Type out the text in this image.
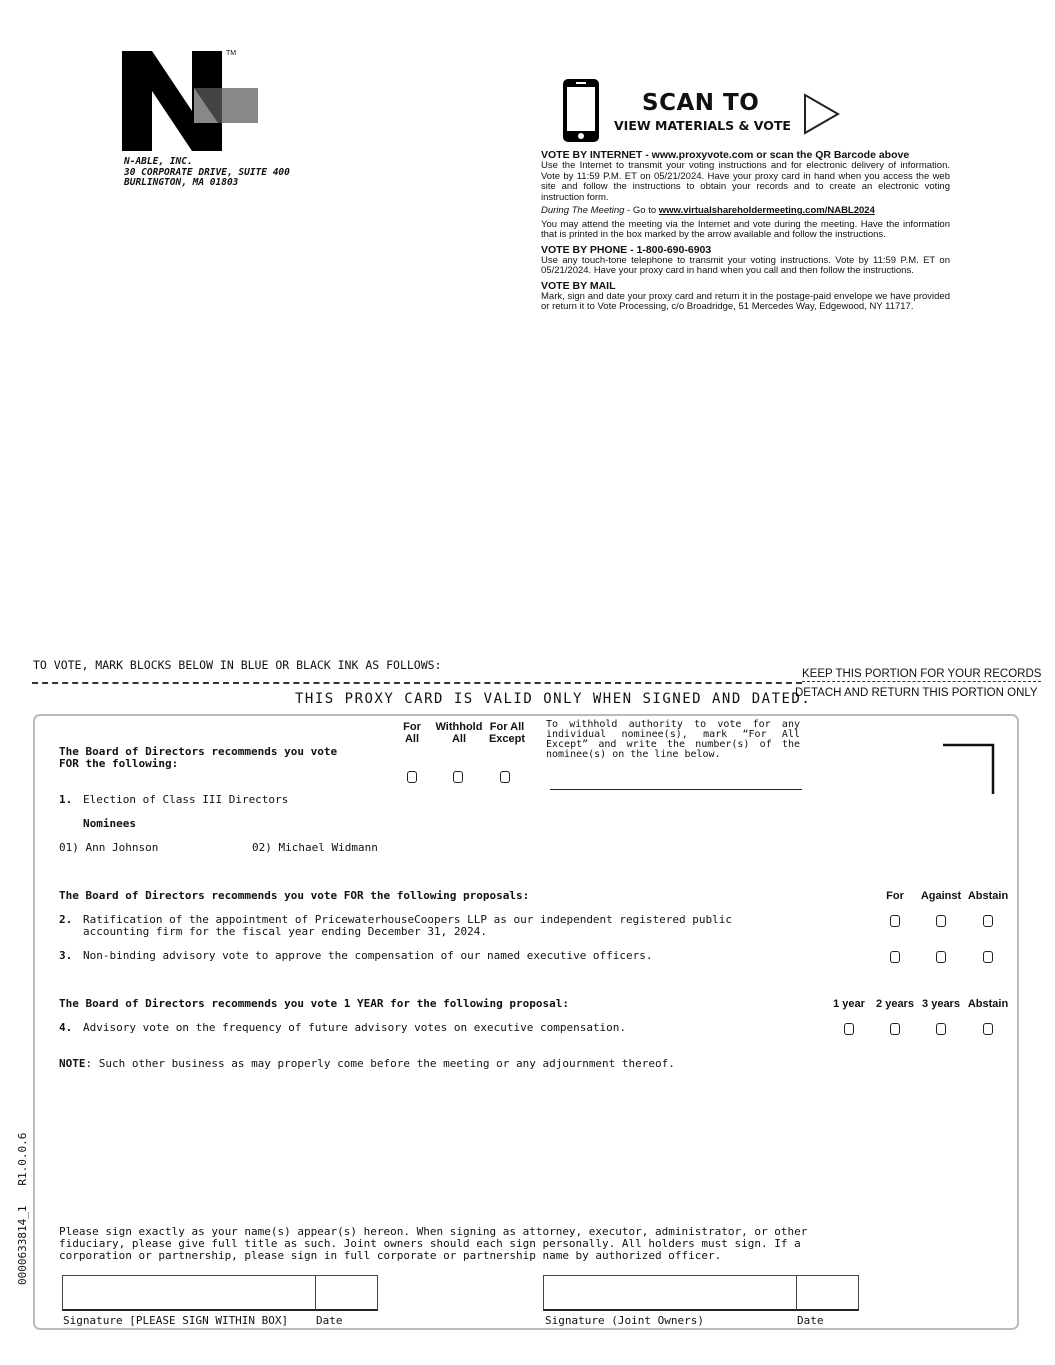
TM
N-ABLE, INC.
30 CORPORATE DRIVE, SUITE 400
BURLINGTON, MA 01803
SCAN TO
VIEW MATERIALS & VOTE
VOTE BY INTERNET - www.proxyvote.com or scan the QR Barcode above

Use the Internet to transmit your voting instructions and for electronic delivery of information. Vote by 11:59 P.M. ET on 05/21/2024. Have your proxy card in hand when you access the web site and follow the instructions to obtain your records and to create an electronic voting instruction form.

During The Meeting - Go to www.virtualshareholdermeeting.com/NABL2024

You may attend the meeting via the Internet and vote during the meeting. Have the information that is printed in the box marked by the arrow available and follow the instructions.

VOTE BY PHONE - 1-800-690-6903

Use any touch-tone telephone to transmit your voting instructions. Vote by 11:59 P.M. ET on 05/21/2024. Have your proxy card in hand when you call and then follow the instructions.

VOTE BY MAIL

Mark, sign and date your proxy card and return it in the postage-paid envelope we have provided or return it to Vote Processing, c/o Broadridge, 51 Mercedes Way, Edgewood, NY 11717.

TO VOTE, MARK BLOCKS BELOW IN BLUE OR BLACK INK AS FOLLOWS:
KEEP THIS PORTION FOR YOUR RECORDS
DETACH AND RETURN THIS PORTION ONLY
THIS PROXY CARD IS VALID ONLY WHEN SIGNED AND DATED.
The Board of Directors recommends you vote FOR the following:
For All
Withhold All
For All Except
To withhold authority to vote for any individual nominee(s), mark “For All Except” and write the number(s) of the nominee(s) on the line below.
1. Election of Class III Directors
Nominees
01) Ann Johnson	02) Michael Widmann
The Board of Directors recommends you vote FOR the following proposals:	For	Against Abstain
2. Ratification of the appointment of PricewaterhouseCoopers LLP as our independent registered public accounting firm for the fiscal year ending December 31, 2024.
3. Non-binding advisory vote to approve the compensation of our named executive officers.
The Board of Directors recommends you vote 1 YEAR for the following proposal:	1 year 2 years 3 years Abstain
4. Advisory vote on the frequency of future advisory votes on executive compensation.
NOTE: Such other business as may properly come before the meeting or any adjournment thereof.
0000633814_1   R1.0.0.6	Please sign exactly as your name(s) appear(s) hereon. When signing as attorney, executor, administrator, or other fiduciary, please give full title as such. Joint owners should each sign personally. All holders must sign. If a corporation or partnership, please sign in full corporate or partnership name by authorized officer.
Signature [PLEASE SIGN WITHIN BOX]	Date	Signature (Joint Owners)	Date
